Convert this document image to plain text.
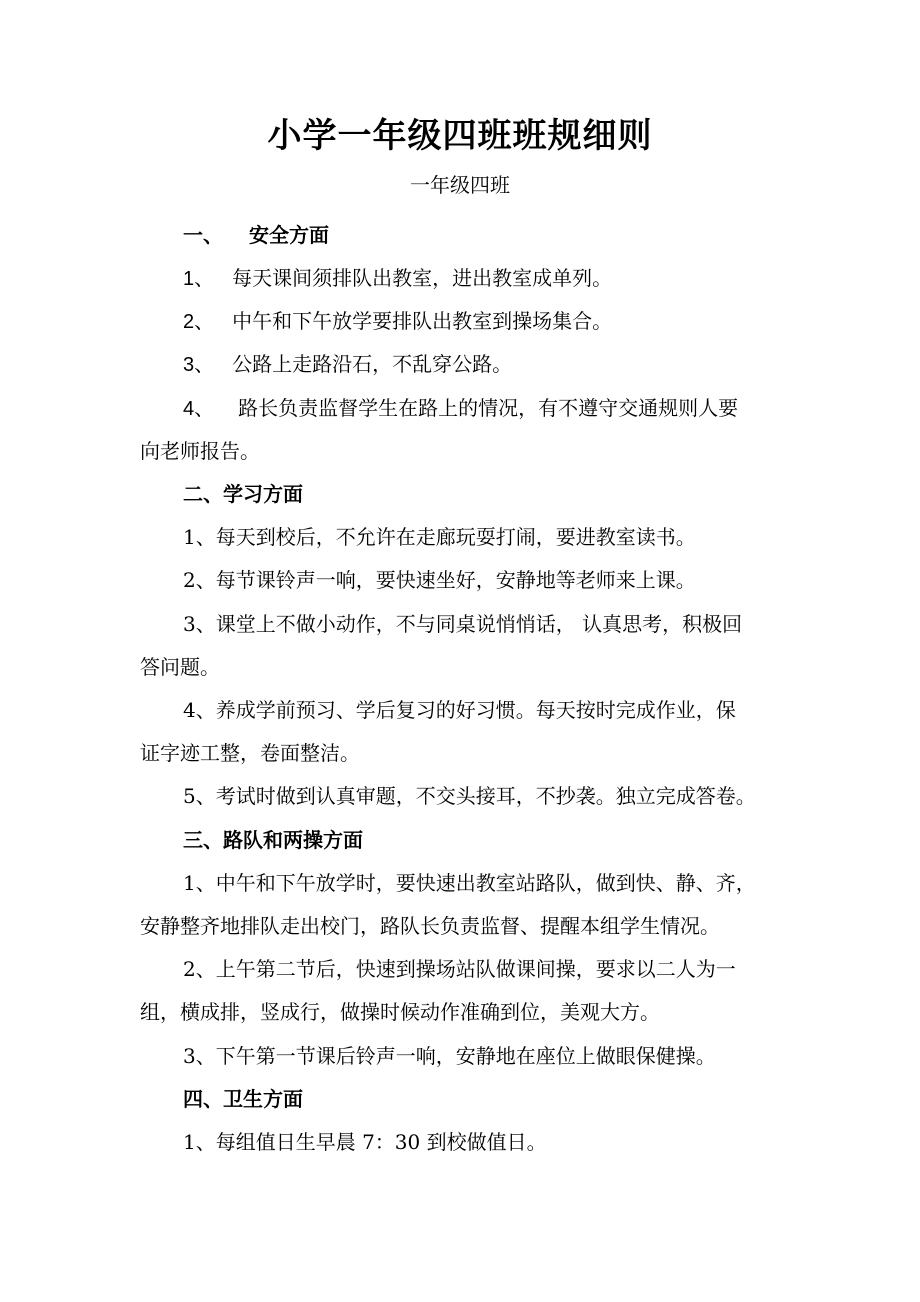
小学一年级四班班规细则
一年级四班
一、 安全方面
1、 每天课间须排队出教室，进出教室成单列。
2、 中午和下午放学要排队出教室到操场集合。
3、 公路上走路沿石，不乱穿公路。
4、 路长负责监督学生在路上的情况，有不遵守交通规则人要
向老师报告。
二、学习方面
1、每天到校后，不允许在走廊玩耍打闹，要进教室读书。
2、每节课铃声一响，要快速坐好，安静地等老师来上课。
3、课堂上不做小动作，不与同桌说悄悄话， 认真思考，积极回
答问题。
4、养成学前预习、学后复习的好习惯。每天按时完成作业，保
证字迹工整，卷面整洁。
5、考试时做到认真审题，不交头接耳，不抄袭。独立完成答卷。
三、路队和两操方面
1、中午和下午放学时，要快速出教室站路队，做到快、静、齐，
安静整齐地排队走出校门，路队长负责监督、提醒本组学生情况。
2、上午第二节后，快速到操场站队做课间操，要求以二人为一
组，横成排，竖成行，做操时候动作准确到位，美观大方。
3、下午第一节课后铃声一响，安静地在座位上做眼保健操。
四、卫生方面
1、每组值日生早晨 7：30 到校做值日。
